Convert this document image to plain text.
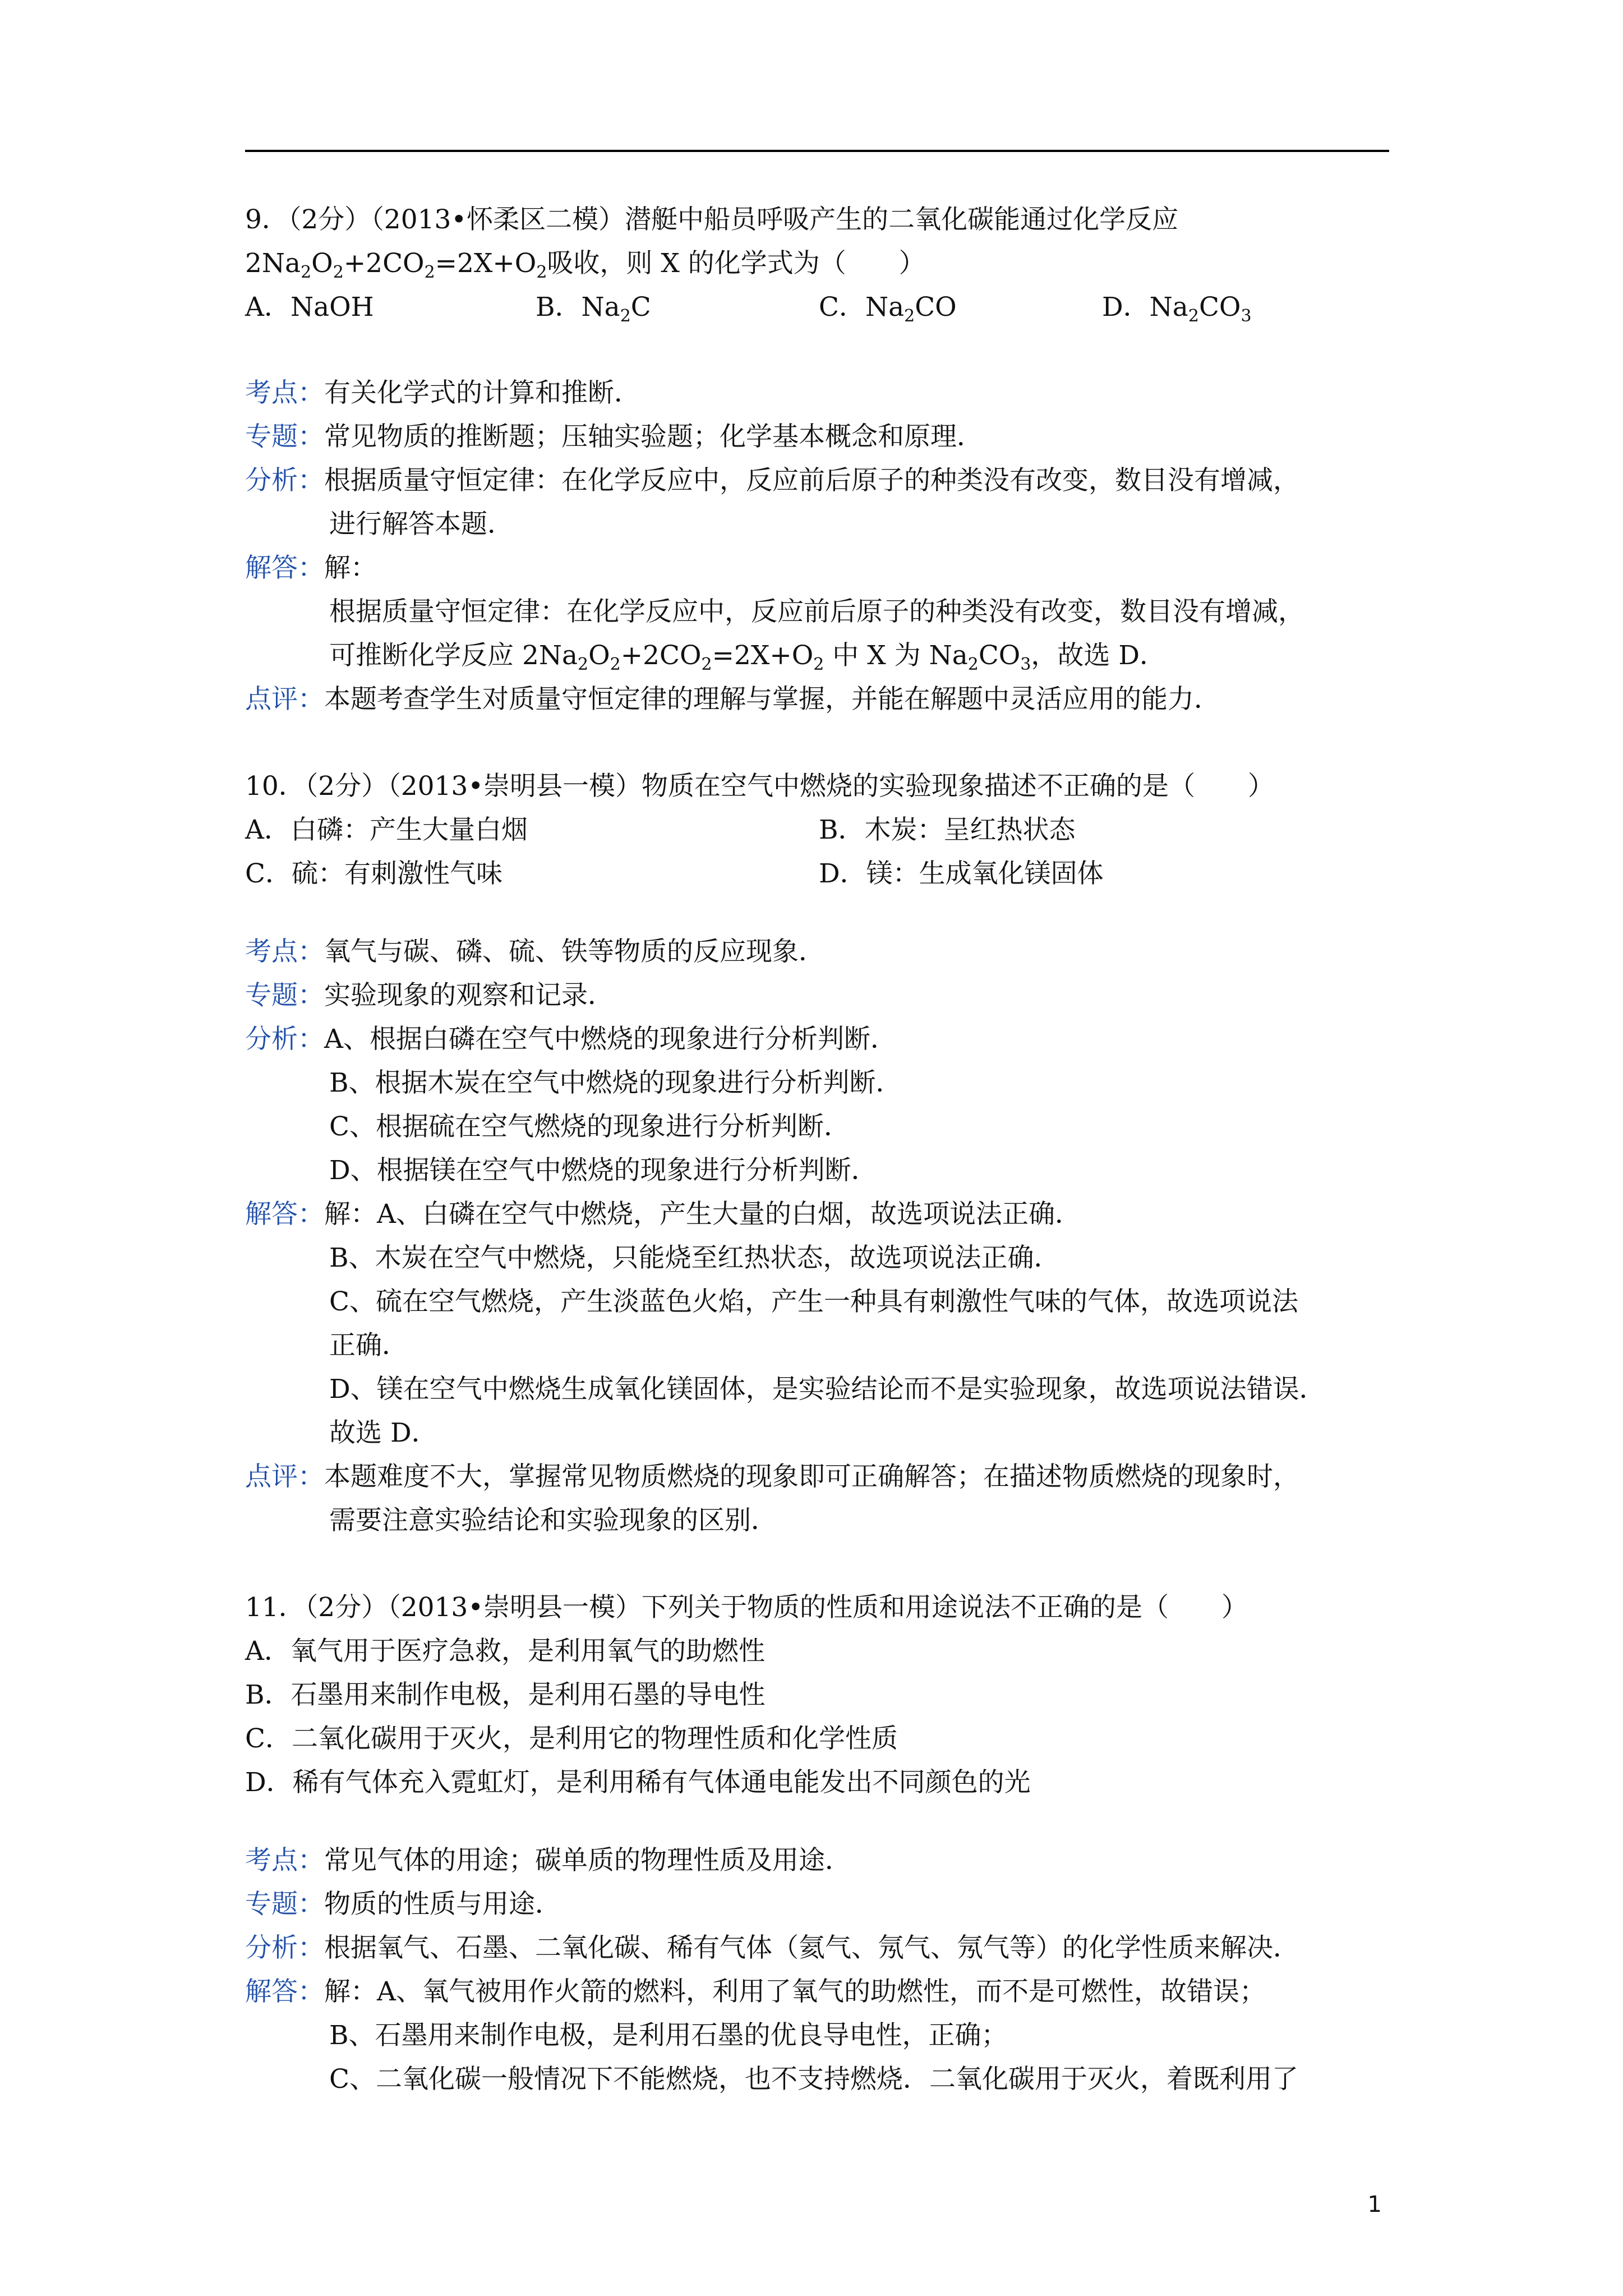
9．（2分）（2013•怀柔区二模）潜艇中船员呼吸产生的二氧化碳能通过化学反应
$2Na_2O_2+2CO_2=2X+O_2$吸收，则 X 的化学式为（　　）
A．NaOH	B．$Na_2C$	C．$Na_2CO$	D．$Na_2CO_3$
考点：有关化学式的计算和推断．
专题：常见物质的推断题；压轴实验题；化学基本概念和原理．
分析：根据质量守恒定律：在化学反应中，反应前后原子的种类没有改变，数目没有增减，
进行解答本题．
解答：解：
根据质量守恒定律：在化学反应中，反应前后原子的种类没有改变，数目没有增减，
可推断化学反应 $2Na_2O_2+2CO_2=2X+O_2$ 中 X 为 $Na_2CO_3$，故选 D．
点评：本题考查学生对质量守恒定律的理解与掌握，并能在解题中灵活应用的能力．
10．（2分）（2013•崇明县一模）物质在空气中燃烧的实验现象描述不正确的是（　　）
A．白磷：产生大量白烟	B．木炭：呈红热状态
C．硫：有刺激性气味	D．镁：生成氧化镁固体
考点：氧气与碳、磷、硫、铁等物质的反应现象．
专题：实验现象的观察和记录．
分析：A、根据白磷在空气中燃烧的现象进行分析判断．
B、根据木炭在空气中燃烧的现象进行分析判断．
C、根据硫在空气燃烧的现象进行分析判断．
D、根据镁在空气中燃烧的现象进行分析判断．
解答：解：A、白磷在空气中燃烧，产生大量的白烟，故选项说法正确．
B、木炭在空气中燃烧，只能烧至红热状态，故选项说法正确．
C、硫在空气燃烧，产生淡蓝色火焰，产生一种具有刺激性气味的气体，故选项说法
正确．
D、镁在空气中燃烧生成氧化镁固体，是实验结论而不是实验现象，故选项说法错误．
故选 D．
点评：本题难度不大，掌握常见物质燃烧的现象即可正确解答；在描述物质燃烧的现象时，
需要注意实验结论和实验现象的区别．
11．（2分）（2013•崇明县一模）下列关于物质的性质和用途说法不正确的是（　　）
A．氧气用于医疗急救，是利用氧气的助燃性
B．石墨用来制作电极，是利用石墨的导电性
C．二氧化碳用于灭火，是利用它的物理性质和化学性质
D．稀有气体充入霓虹灯，是利用稀有气体通电能发出不同颜色的光
考点：常见气体的用途；碳单质的物理性质及用途．
专题：物质的性质与用途．
分析：根据氧气、石墨、二氧化碳、稀有气体（氦气、氖气、氖气等）的化学性质来解决．
解答：解：A、氧气被用作火箭的燃料，利用了氧气的助燃性，而不是可燃性，故错误；
B、石墨用来制作电极，是利用石墨的优良导电性，正确；
C、二氧化碳一般情况下不能燃烧，也不支持燃烧．二氧化碳用于灭火，着既利用了
1
